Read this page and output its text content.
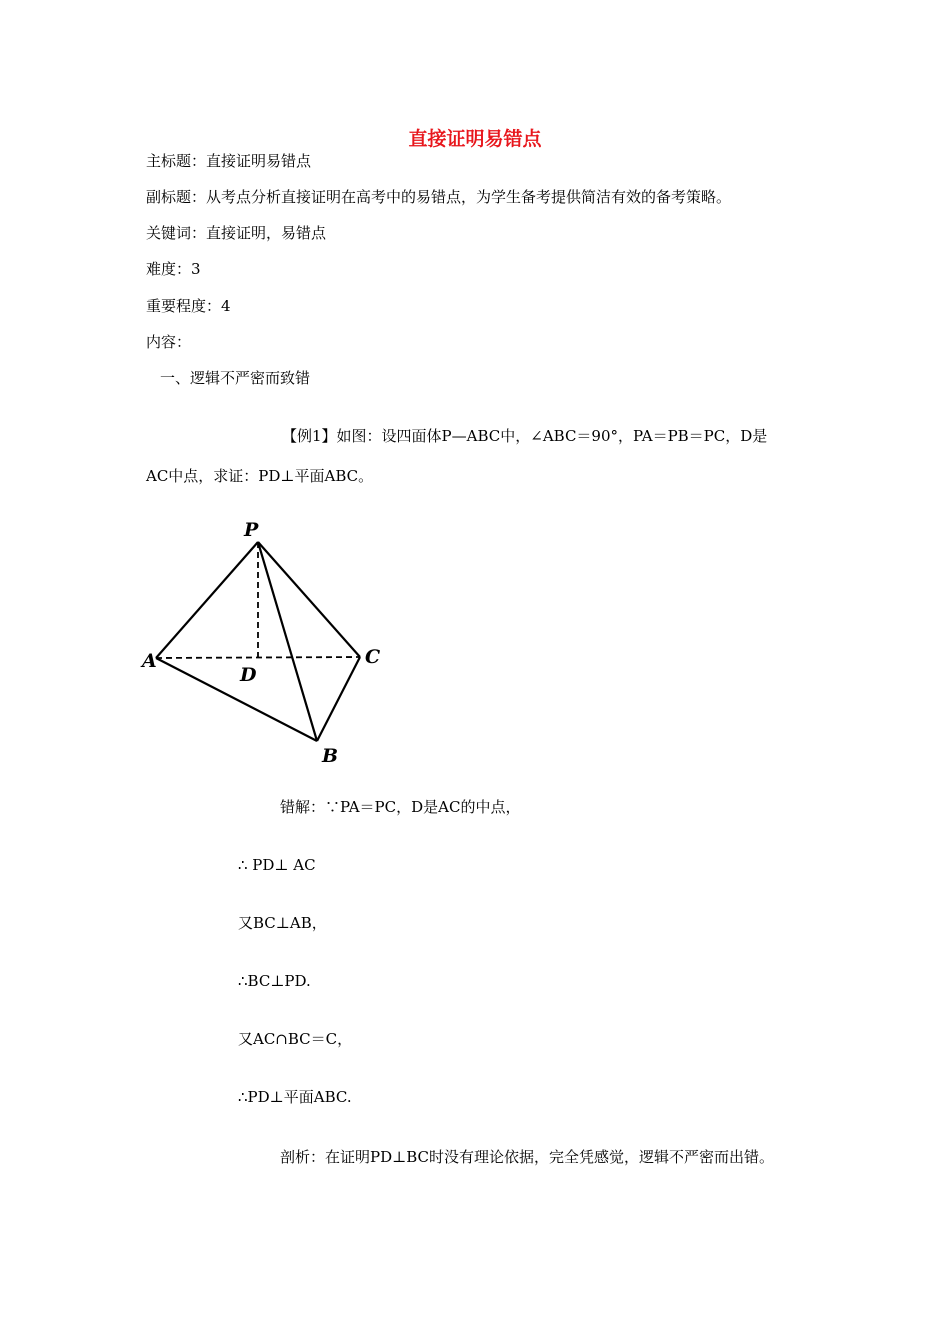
直接证明易错点
主标题：直接证明易错点
副标题：从考点分析直接证明在高考中的易错点，为学生备考提供简洁有效的备考策略。
关键词：直接证明，易错点
难度：3
重要程度：4
内容：
一、逻辑不严密而致错
【例1】如图：设四面体P—ABC中，∠ABC＝90°，PA＝PB＝PC，D是
AC中点，求证：PD⊥平面ABC。
P
A	C
D
B
错解：∵PA＝PC，D是AC的中点，
∴ PD⊥ AC
又BC⊥AB，
∴BC⊥PD.
又AC∩BC＝C，
∴PD⊥平面ABC.
剖析：在证明PD⊥BC时没有理论依据，完全凭感觉，逻辑不严密而出错。
